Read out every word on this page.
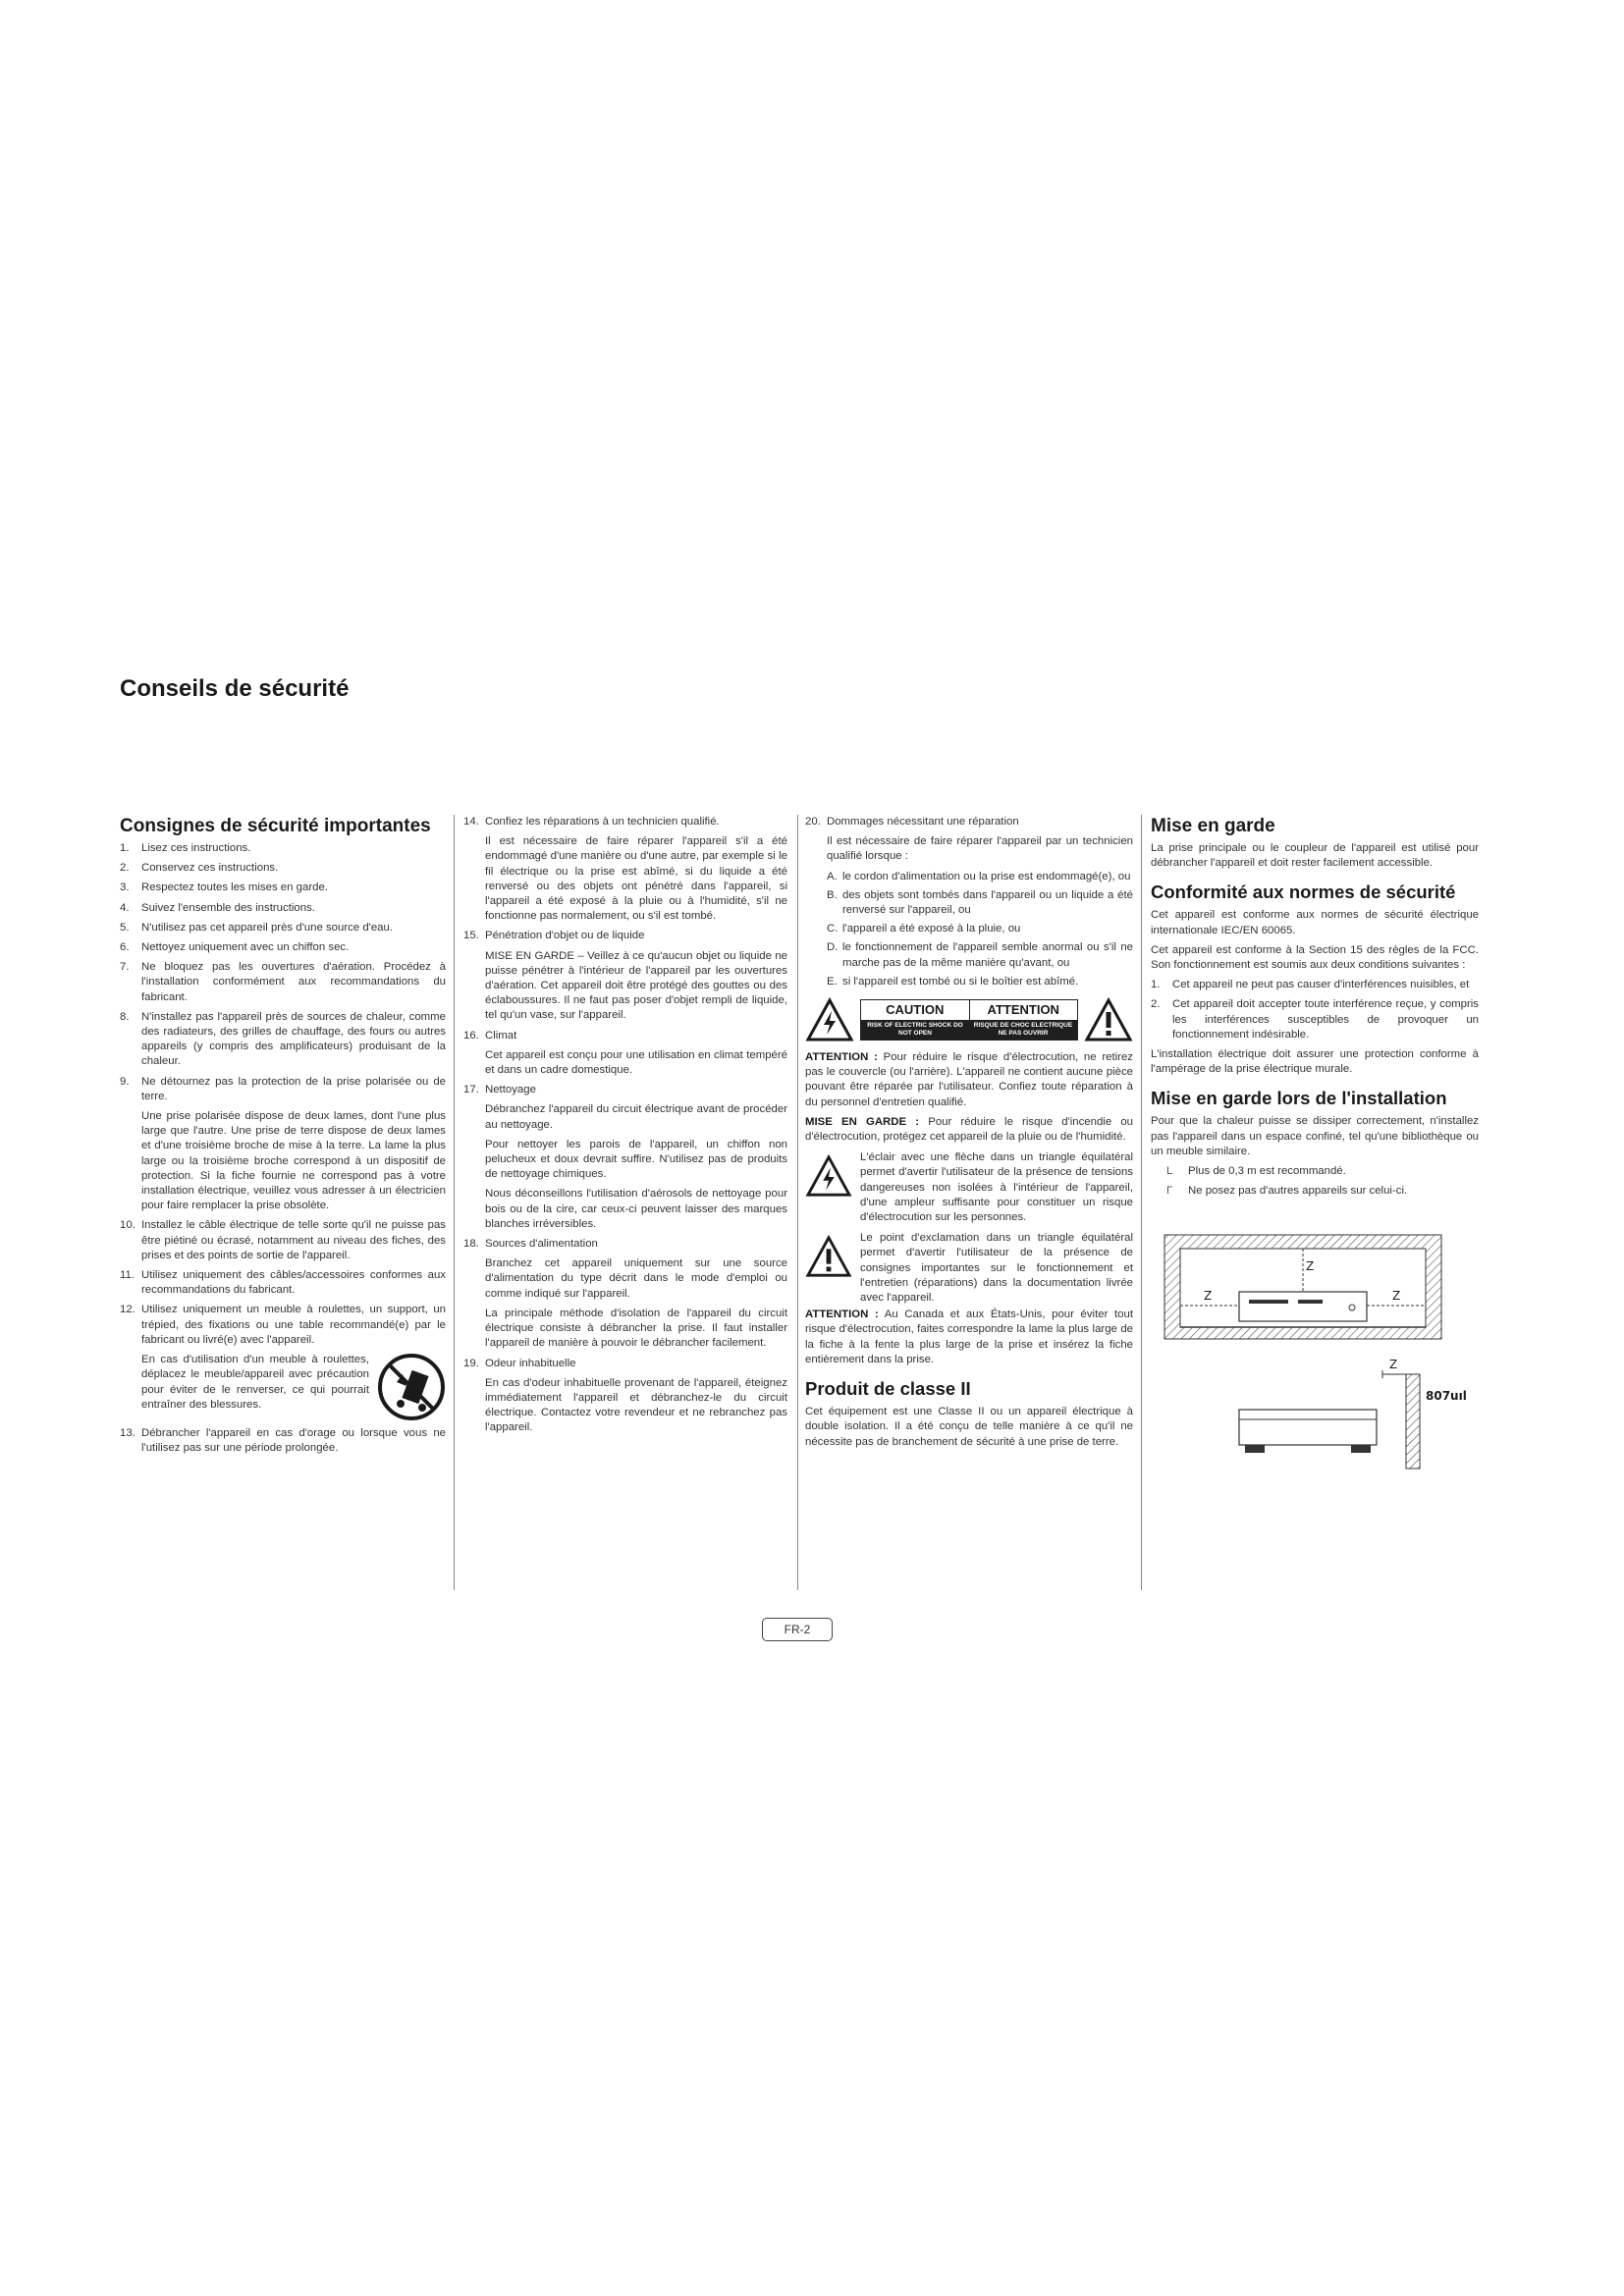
Conseils de sécurité
Consignes de sécurité importantes
1.	Lisez ces instructions.
2.	Conservez ces instructions.
3.	Respectez toutes les mises en garde.
4.	Suivez l'ensemble des instructions.
5.	N'utilisez pas cet appareil près d'une source d'eau.
6.	Nettoyez uniquement avec un chiffon sec.
7.	Ne bloquez pas les ouvertures d'aération. Procédez à l'installation conformément aux recommandations du fabricant.
8.	N'installez pas l'appareil près de sources de chaleur, comme des radiateurs, des grilles de chauffage, des fours ou autres appareils (y compris des amplificateurs) produisant de la chaleur.
9.	Ne détournez pas la protection de la prise polarisée ou de terre.

Une prise polarisée dispose de deux lames, dont l'une plus large que l'autre. Une prise de terre dispose de deux lames et d'une troisième broche de mise à la terre. La lame la plus large ou la troisième broche correspond à un dispositif de protection. Si la fiche fournie ne correspond pas à votre installation électrique, veuillez vous adresser à un électricien pour faire remplacer la prise obsolète.

10. Installez le câble électrique de telle sorte qu'il ne puisse pas être piétiné ou écrasé, notamment au niveau des fiches, des prises et des points de sortie de l'appareil.
11. Utilisez uniquement des câbles/accessoires conformes aux recommandations du fabricant.
12. Utilisez uniquement un meuble à roulettes, un support, un trépied, des fixations ou une table recommandé(e) par le fabricant ou livré(e) avec l'appareil.
En cas d'utilisation d'un meuble à roulettes, déplacez le meuble/appareil avec précaution pour éviter de le renverser, ce qui pourrait entraîner des blessures.
13. Débrancher l'appareil en cas d'orage ou lorsque vous ne l'utilisez pas sur une période prolongée.
14. Confiez les réparations à un technicien qualifié.

Il est nécessaire de faire réparer l'appareil s'il a été endommagé d'une manière ou d'une autre, par exemple si le fil électrique ou la prise est abîmé, si du liquide a été renversé ou des objets ont pénétré dans l'appareil, si l'appareil a été exposé à la pluie ou à l'humidité, s'il ne fonctionne pas normalement, ou s'il est tombé.

15. Pénétration d'objet ou de liquide

MISE EN GARDE – Veillez à ce qu'aucun objet ou liquide ne puisse pénétrer à l'intérieur de l'appareil par les ouvertures d'aération. Cet appareil doit être protégé des gouttes ou des éclaboussures. Il ne faut pas poser d'objet rempli de liquide, tel qu'un vase, sur l'appareil.

16. Climat

Cet appareil est conçu pour une utilisation en climat tempéré et dans un cadre domestique.

17. Nettoyage

Débranchez l'appareil du circuit électrique avant de procéder au nettoyage.

Pour nettoyer les parois de l'appareil, un chiffon non pelucheux et doux devrait suffire. N'utilisez pas de produits de nettoyage chimiques.

Nous déconseillons l'utilisation d'aérosols de nettoyage pour bois ou de la cire, car ceux-ci peuvent laisser des marques blanches irréversibles.

18. Sources d'alimentation

Branchez cet appareil uniquement sur une source d'alimentation du type décrit dans le mode d'emploi ou comme indiqué sur l'appareil.

La principale méthode d'isolation de l'appareil du circuit électrique consiste à débrancher la prise. Il faut installer l'appareil de manière à pouvoir le débrancher facilement.

19. Odeur inhabituelle

En cas d'odeur inhabituelle provenant de l'appareil, éteignez immédiatement l'appareil et débranchez-le du circuit électrique. Contactez votre revendeur et ne rebranchez pas l'appareil.

20. Dommages nécessitant une réparation

Il est nécessaire de faire réparer l'appareil par un technicien qualifié lorsque :

A. le cordon d'alimentation ou la prise est endommagé(e), ou
B. des objets sont tombés dans l'appareil ou un liquide a été renversé sur l'appareil, ou
C. l'appareil a été exposé à la pluie, ou
D. le fonctionnement de l'appareil semble anormal ou s'il ne marche pas de la même manière qu'avant, ou
E. si l'appareil est tombé ou si le boîtier est abîmé.
CAUTION	ATTENTION
RISK OF ELECTRIC SHOCK DO NOT OPEN
RISQUE DE CHOC ELECTRIQUE NE PAS OUVRIR

ATTENTION : Pour réduire le risque d'électrocution, ne retirez pas le couvercle (ou l'arrière). L'appareil ne contient aucune pièce pouvant être réparée par l'utilisateur. Confiez toute réparation à du personnel d'entretien qualifié.

MISE EN GARDE : Pour réduire le risque d'incendie ou d'électrocution, protégez cet appareil de la pluie ou de l'humidité.

L'éclair avec une flèche dans un triangle équilatéral permet d'avertir l'utilisateur de la présence de tensions dangereuses non isolées à l'intérieur de l'appareil, d'une ampleur suffisante pour constituer un risque d'électrocution sur les personnes.
Le point d'exclamation dans un triangle équilatéral permet d'avertir l'utilisateur de la présence de consignes importantes sur le fonctionnement et l'entretien (réparations) dans la documentation livrée avec l'appareil.

ATTENTION : Au Canada et aux États-Unis, pour éviter tout risque d'électrocution, faites correspondre la lame la plus large de la fiche à la fente la plus large de la prise et insérez la fiche entièrement dans la prise.

Produit de classe II

Cet équipement est une Classe II ou un appareil électrique à double isolation. Il a été conçu de telle manière à ce qu'il ne nécessite pas de branchement de sécurité à une prise de terre.

Mise en garde

La prise principale ou le coupleur de l'appareil est utilisé pour débrancher l'appareil et doit rester facilement accessible.

Conformité aux normes de sécurité

Cet appareil est conforme aux normes de sécurité électrique internationale IEC/EN 60065.

Cet appareil est conforme à la Section 15 des règles de la FCC. Son fonctionnement est soumis aux deux conditions suivantes :

1.	Cet appareil ne peut pas causer d'interférences nuisibles, et
2.	Cet appareil doit accepter toute interférence reçue, y compris les interférences susceptibles de provoquer un fonctionnement indésirable.

L'installation électrique doit assurer une protection conforme à l'ampérage de la prise électrique murale.

Mise en garde lors de l'installation

Pour que la chaleur puisse se dissiper correctement, n'installez pas l'appareil dans un espace confiné, tel qu'une bibliothèque ou un meuble similaire.

L	Plus de 0,3 m est recommandé.
Γ	Ne posez pas d'autres appareils sur celui-ci.
Z
Z	Z
Z
807uıl
FR-2
